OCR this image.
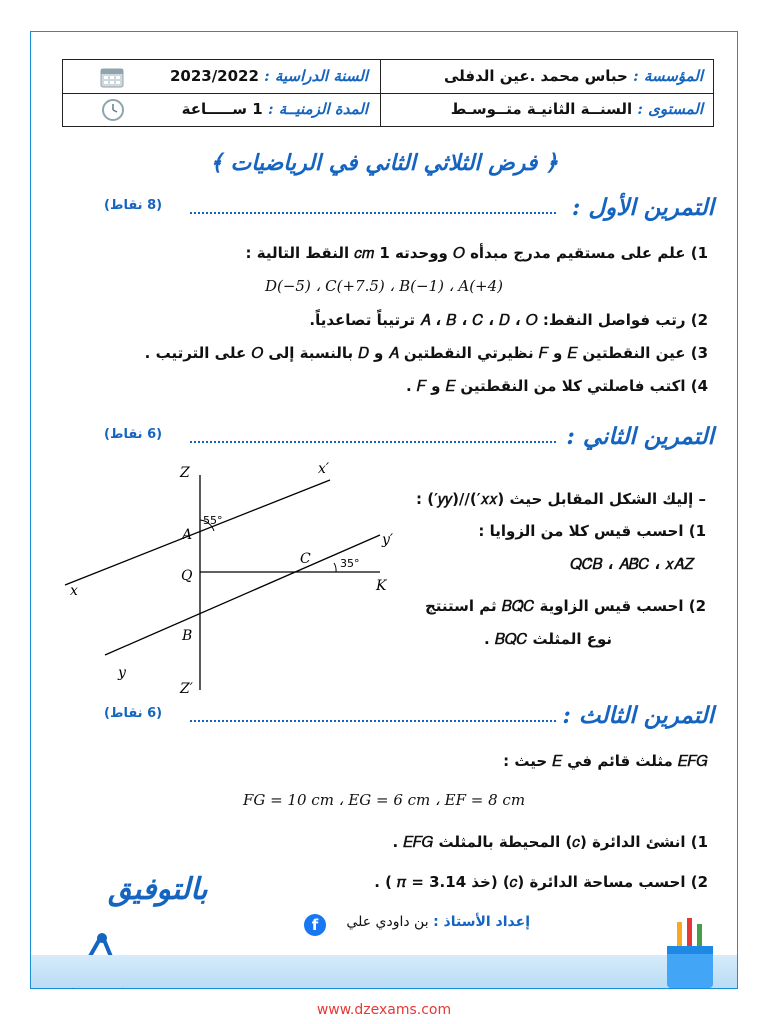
المؤسسة : حباس محمد .عين الدفلى
المستوى : السنــة الثانيـة متــوسـط
السنة الدراسية : 2023/2022
المدة الزمنيــة : 1 ســـــاعة
﴿ فرض الثلاثي الثاني في الرياضيات ﴾
التمرين الأول :
(8 نقاط)
1) علم على مستقيم مدرج مبدأه 𝑂 ووحدته 1 𝑐𝑚 النقط التالية :
𝐷(−5) ، 𝐶(+7.5) ، 𝐵(−1) ، 𝐴(+4)
2) رتب فواصل النقط: 𝐴 ، 𝐵 ، 𝐶 ، 𝐷 ، 𝑂 ترتيباً تصاعدياً.
3) عين النقطتين 𝐸 و 𝐹 نظيرتي النقطتين 𝐴 و 𝐷 بالنسبة إلى 𝑂 على الترتيب .
4) اكتب فاصلتي كلا من النقطتين 𝐸 و 𝐹 .
التمرين الثاني :
(6 نقاط)
Z
Z′
x′
x
y
y′
A
B
C
Q
K
55°
35°
– إليك الشكل المقابل حيث (𝑥𝑥′)//(𝑦𝑦′) :
1) احسب قيس كلا من الزوايا :
𝑄𝐶𝐵̂ ، 𝐴𝐵𝐶̂ ، 𝑥𝐴𝑍̂
2) احسب قيس الزاوية 𝐵𝑄𝐶̂ ثم استنتج
نوع المثلث 𝐵𝑄𝐶 .
التمرين الثالث :
(6 نقاط)
𝐸𝐹𝐺 مثلث قائم في 𝐸 حيث :
𝐹𝐺 = 10 𝑐𝑚 ، 𝐸𝐺 = 6 𝑐𝑚 ، 𝐸𝐹 = 8 𝑐𝑚
1) انشئ الدائرة (𝑐) المحيطة بالمثلث 𝐸𝐹𝐺 .
2) احسب مساحة الدائرة (𝑐) (خذ 3.14 = 𝜋 ) .
بالتوفيق
f	إعداد الأستاذ : بن داودي علي
www.dzexams.com
